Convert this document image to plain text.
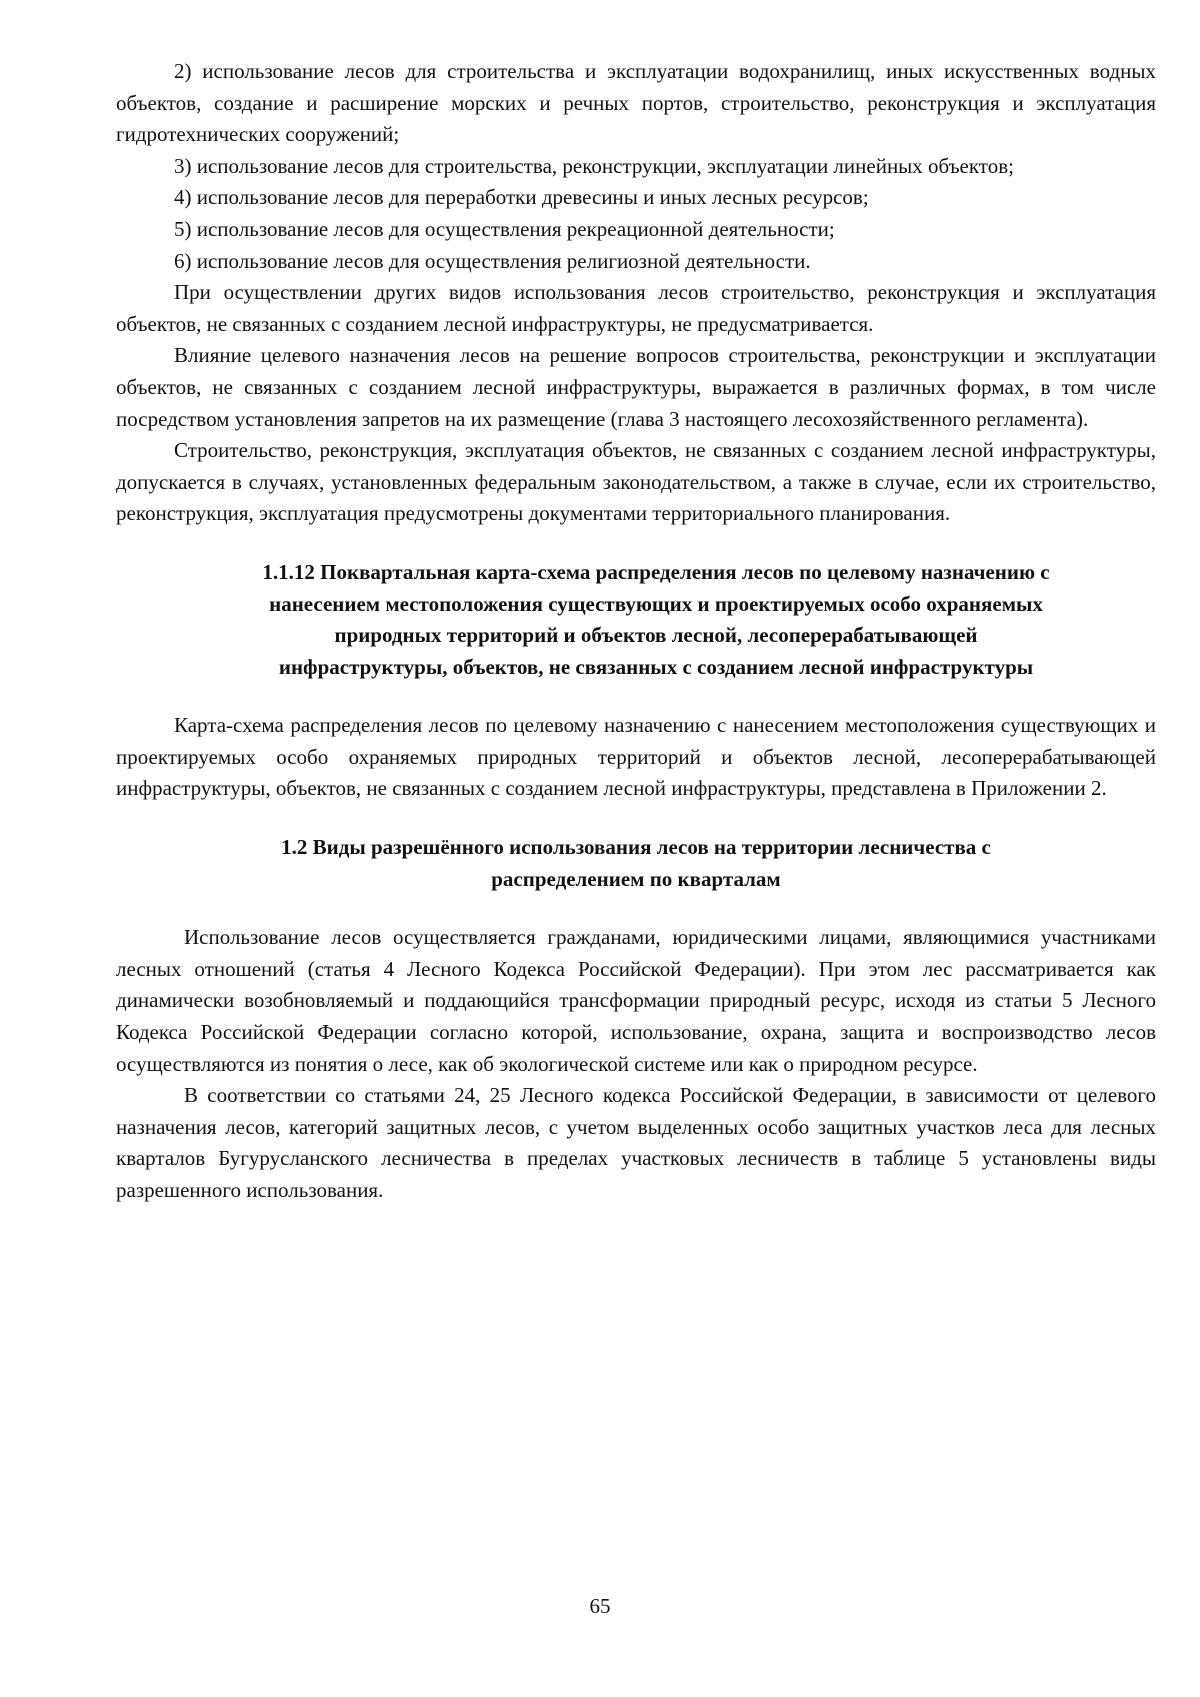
2) использование лесов для строительства и эксплуатации водохранилищ, иных искусственных водных объектов, создание и расширение морских и речных портов, строительство, реконструкция и эксплуатация гидротехнических сооружений;

3) использование лесов для строительства, реконструкции, эксплуатации линейных объектов;

4) использование лесов для переработки древесины и иных лесных ресурсов;

5) использование лесов для осуществления рекреационной деятельности;

6) использование лесов для осуществления религиозной деятельности.

При осуществлении других видов использования лесов строительство, реконструкция и эксплуатация объектов, не связанных с созданием лесной инфраструктуры, не предусматривается.

Влияние целевого назначения лесов на решение вопросов строительства, реконструкции и эксплуатации объектов, не связанных с созданием лесной инфраструктуры, выражается в различных формах, в том числе посредством установления запретов на их размещение (глава 3 настоящего лесохозяйственного регламента).

Строительство, реконструкция, эксплуатация объектов, не связанных с созданием лесной инфраструктуры, допускается в случаях, установленных федеральным законодательством, а также в случае, если их строительство, реконструкция, эксплуатация предусмотрены документами территориального планирования.

1.1.12 Поквартальная карта-схема распределения лесов по целевому назначению с
нанесением местоположения существующих и проектируемых особо охраняемых
природных территорий и объектов лесной, лесоперерабатывающей
инфраструктуры, объектов, не связанных с созданием лесной инфраструктуры

Карта-схема распределения лесов по целевому назначению с нанесением местоположения существующих и проектируемых особо охраняемых природных территорий и объектов лесной, лесоперерабатывающей инфраструктуры, объектов, не связанных с созданием лесной инфраструктуры, представлена в Приложении 2.

1.2 Виды разрешённого использования лесов на территории лесничества с
распределением по кварталам

Использование лесов осуществляется гражданами, юридическими лицами, являющимися участниками лесных отношений (статья 4 Лесного Кодекса Российской Федерации). При этом лес рассматривается как динамически возобновляемый и поддающийся трансформации природный ресурс, исходя из статьи 5 Лесного Кодекса Российской Федерации согласно которой, использование, охрана, защита и воспроизводство лесов осуществляются из понятия о лесе, как об экологической системе или как о природном ресурсе.

В соответствии со статьями 24, 25 Лесного кодекса Российской Федерации, в зависимости от целевого назначения лесов, категорий защитных лесов, с учетом выделенных особо защитных участков леса для лесных кварталов Бугурусланского лесничества в пределах участковых лесничеств в таблице 5 установлены виды разрешенного использования.

65
